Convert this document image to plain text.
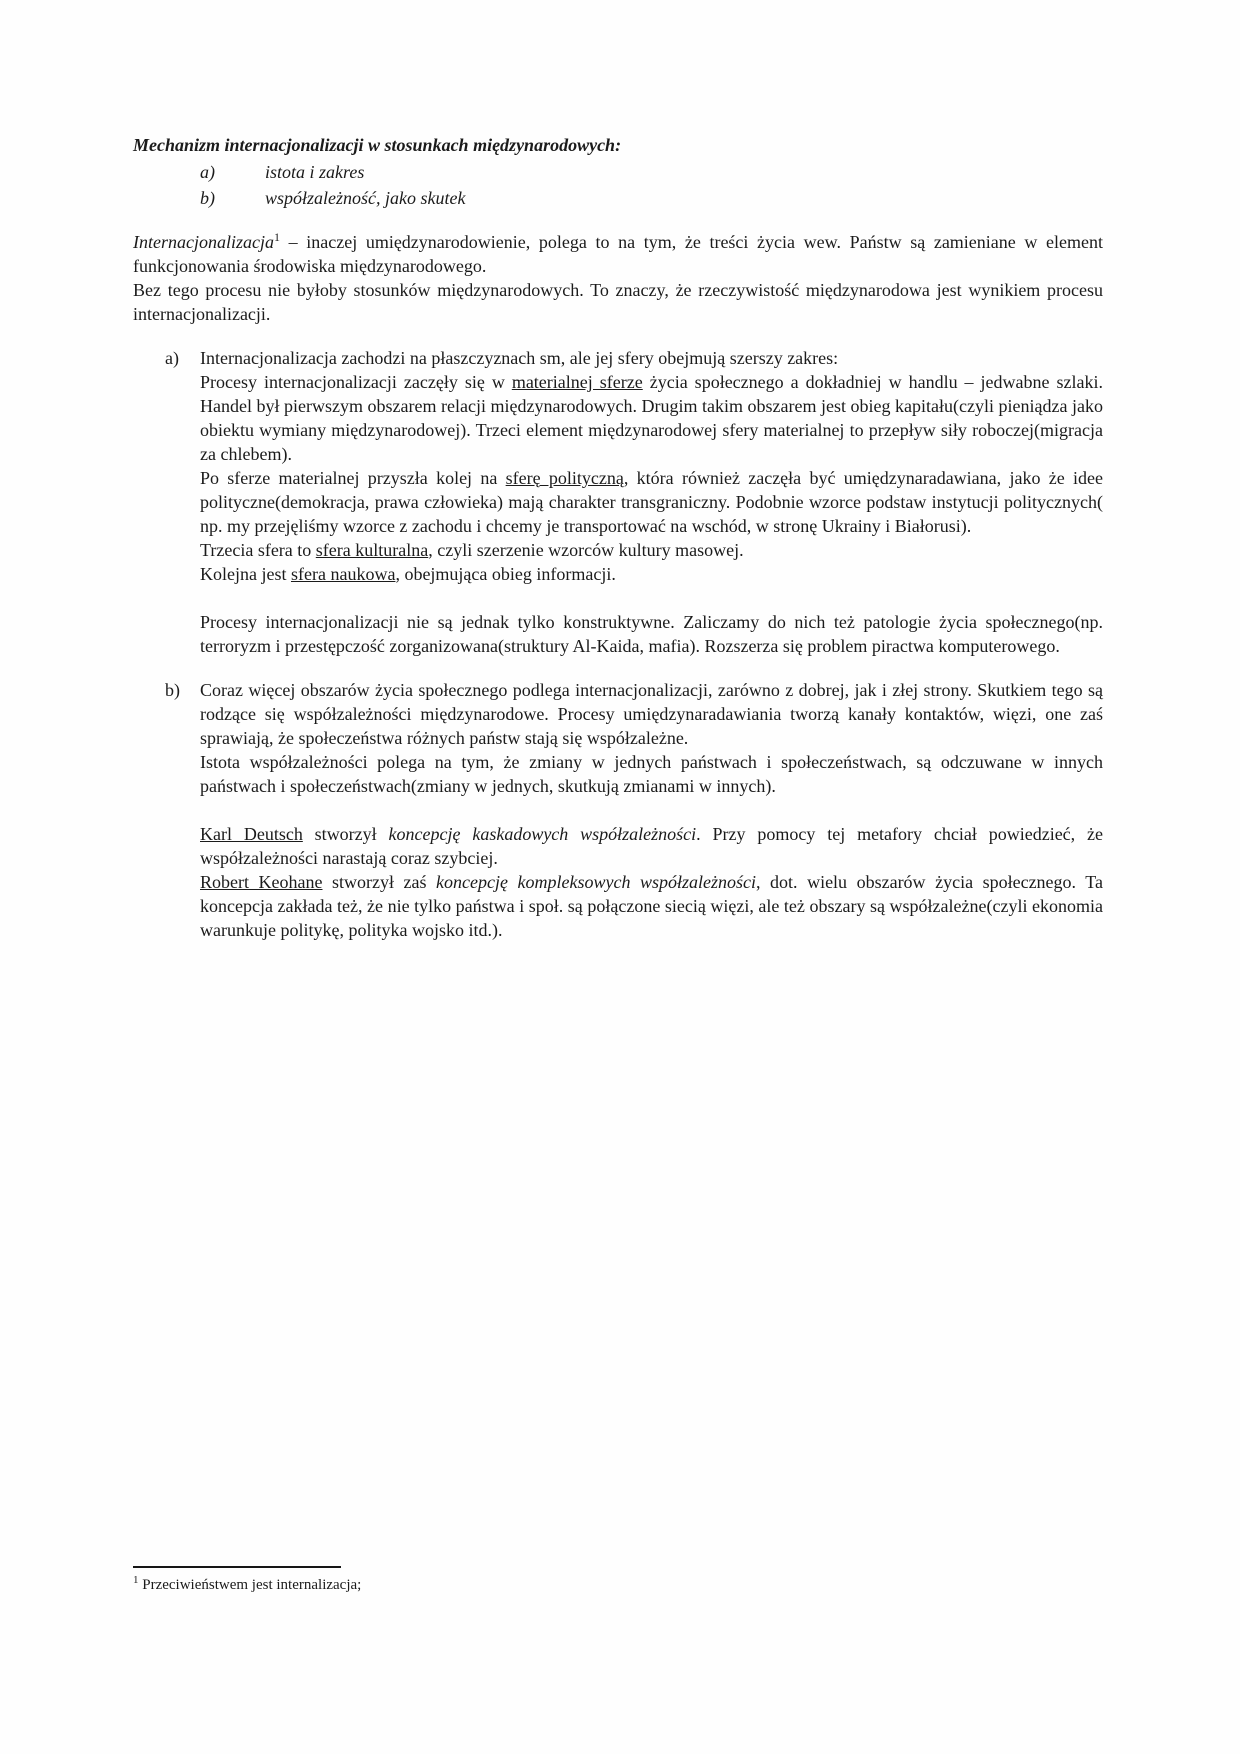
Mechanizm internacjonalizacji w stosunkach międzynarodowych:

a)	istota i zakres
b)	współzależność, jako skutek

Internacjonalizacja$^1$ – inaczej umiędzynarodowienie, polega to na tym, że treści życia wew. Państw są zamieniane w element funkcjonowania środowiska międzynarodowego.

Bez tego procesu nie byłoby stosunków międzynarodowych. To znaczy, że rzeczywistość międzynarodowa jest wynikiem procesu internacjonalizacji.

a)	Internacjonalizacja zachodzi na płaszczyznach sm, ale jej sfery obejmują szerszy zakres:

Procesy internacjonalizacji zaczęły się w materialnej sferze życia społecznego a dokładniej w handlu – jedwabne szlaki. Handel był pierwszym obszarem relacji międzynarodowych. Drugim takim obszarem jest obieg kapitału(czyli pieniądza jako obiektu wymiany międzynarodowej). Trzeci element międzynarodowej sfery materialnej to przepływ siły roboczej(migracja za chlebem).

Po sferze materialnej przyszła kolej na sferę polityczną, która również zaczęła być umiędzynaradawiana, jako że idee polityczne(demokracja, prawa człowieka) mają charakter transgraniczny. Podobnie wzorce podstaw instytucji politycznych( np. my przejęliśmy wzorce z zachodu i chcemy je transportować na wschód, w stronę Ukrainy i Białorusi).

Trzecia sfera to sfera kulturalna, czyli szerzenie wzorców kultury masowej.

Kolejna jest sfera naukowa, obejmująca obieg informacji.

Procesy internacjonalizacji nie są jednak tylko konstruktywne. Zaliczamy do nich też patologie życia społecznego(np. terroryzm i przestępczość zorganizowana(struktury Al-Kaida, mafia). Rozszerza się problem piractwa komputerowego.

b)	Coraz więcej obszarów życia społecznego podlega internacjonalizacji, zarówno z dobrej, jak i złej strony. Skutkiem tego są rodzące się współzależności międzynarodowe. Procesy umiędzynaradawiania tworzą kanały kontaktów, więzi, one zaś sprawiają, że społeczeństwa różnych państw stają się współzależne.

Istota współzależności polega na tym, że zmiany w jednych państwach i społeczeństwach, są odczuwane w innych państwach i społeczeństwach(zmiany w jednych, skutkują zmianami w innych).

Karl Deutsch stworzył koncepcję kaskadowych współzależności. Przy pomocy tej metafory chciał powiedzieć, że współzależności narastają coraz szybciej.

Robert Keohane stworzył zaś koncepcję kompleksowych współzależności, dot. wielu obszarów życia społecznego. Ta koncepcja zakłada też, że nie tylko państwa i społ. są połączone siecią więzi, ale też obszary są współzależne(czyli ekonomia warunkuje politykę, polityka wojsko itd.).

$^1$ Przeciwieństwem jest internalizacja;
